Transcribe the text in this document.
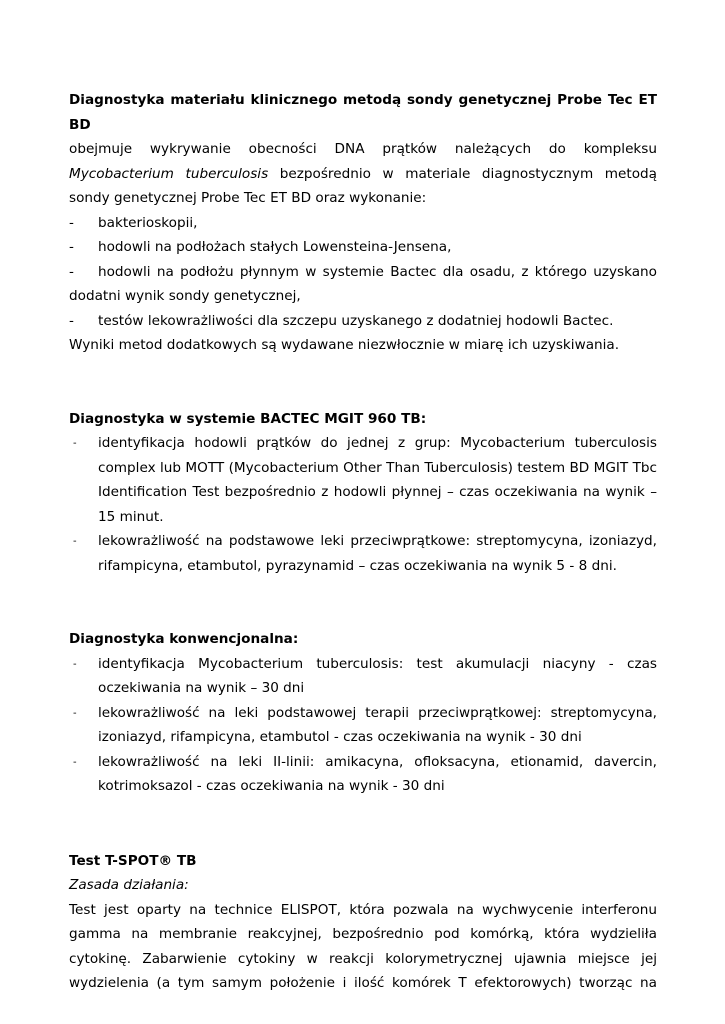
Diagnostyka materiału klinicznego metodą sondy genetycznej Probe Tec ET BD

obejmuje wykrywanie obecności DNA prątków należących do kompleksu

Mycobacterium tuberculosis bezpośrednio w materiale diagnostycznym metodą

sondy genetycznej Probe Tec ET BD oraz wykonanie:

- bakterioskopii,

- hodowli na podłożach stałych Lowensteina-Jensena,

- hodowli na podłożu płynnym w systemie Bactec dla osadu, z którego uzyskano

dodatni wynik sondy genetycznej,

- testów lekowrażliwości dla szczepu uzyskanego z dodatniej hodowli Bactec.

Wyniki metod dodatkowych są wydawane niezwłocznie w miarę ich uzyskiwania.

Diagnostyka w systemie BACTEC MGIT 960 TB:

- identyfikacja hodowli prątków do jednej z grup: Mycobacterium tuberculosis

complex lub MOTT (Mycobacterium Other Than Tuberculosis) testem BD MGIT Tbc

Identification Test bezpośrednio z hodowli płynnej – czas oczekiwania na wynik –

15 minut.

- lekowrażliwość na podstawowe leki przeciwprątkowe: streptomycyna, izoniazyd,

rifampicyna, etambutol, pyrazynamid – czas oczekiwania na wynik 5 - 8 dni.

Diagnostyka konwencjonalna:

- identyfikacja Mycobacterium tuberculosis: test akumulacji niacyny - czas

oczekiwania na wynik – 30 dni

- lekowrażliwość na leki podstawowej terapii przeciwprątkowej: streptomycyna,

izoniazyd, rifampicyna, etambutol - czas oczekiwania na wynik - 30 dni

- lekowrażliwość na leki II-linii: amikacyna, ofloksacyna, etionamid, davercin,

kotrimoksazol - czas oczekiwania na wynik - 30 dni

Test T-SPOT® TB

Zasada działania:

Test jest oparty na technice ELISPOT, która pozwala na wychwycenie interferonu

gamma na membranie reakcyjnej, bezpośrednio pod komórką, która wydzieliła

cytokinę. Zabarwienie cytokiny w reakcji kolorymetrycznej ujawnia miejsce jej

wydzielenia (a tym samym położenie i ilość komórek T efektorowych) tworząc na
